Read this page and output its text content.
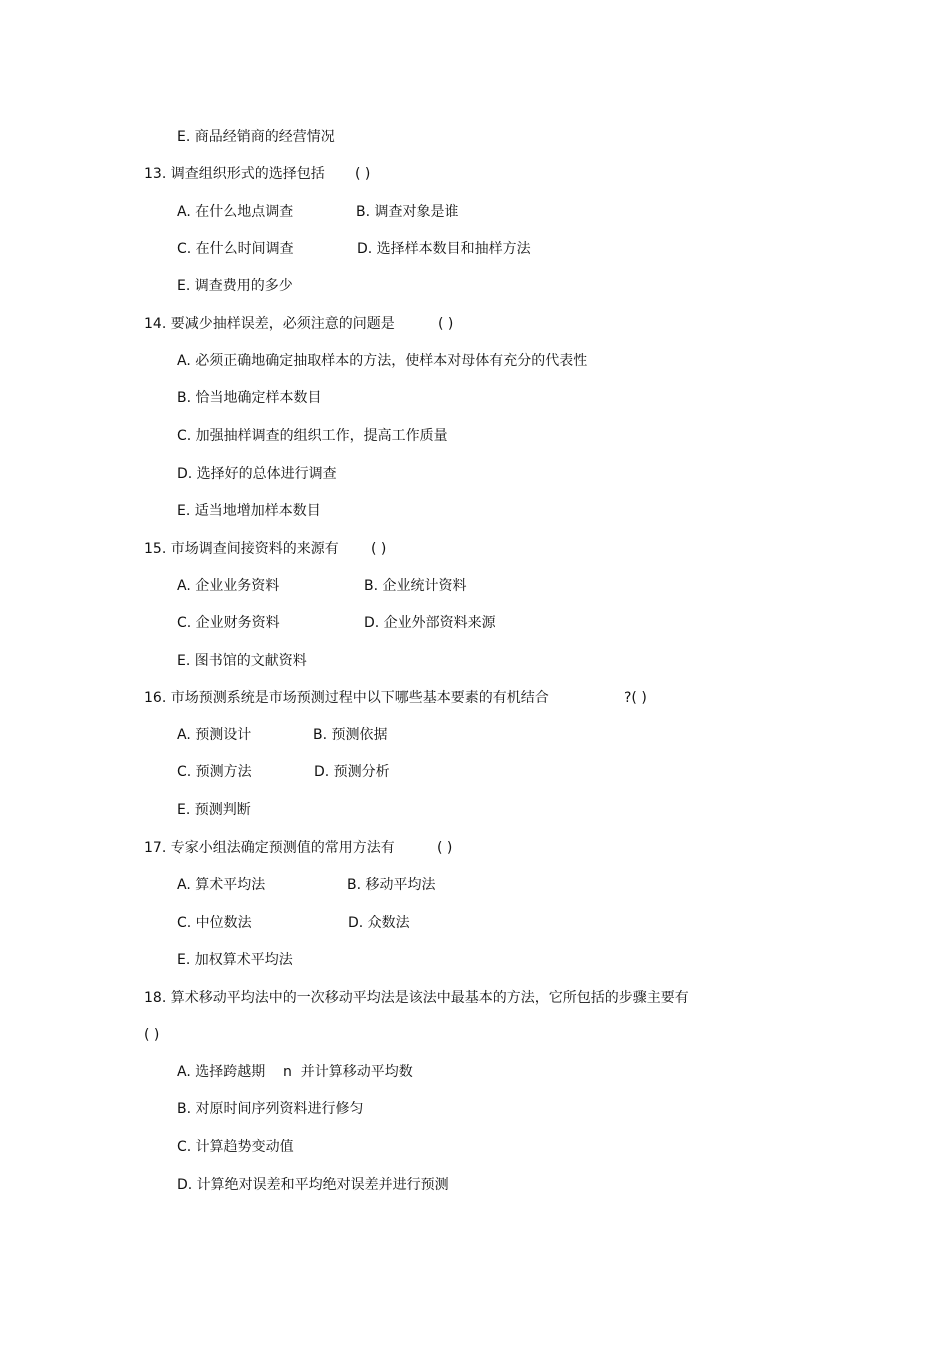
E. 商品经销商的经营情况
13. 调查组织形式的选择包括 ( )
A. 在什么地点调查	B. 调查对象是谁
C. 在什么时间调查	D. 选择样本数目和抽样方法
E. 调查费用的多少
14. 要减少抽样误差，必须注意的问题是	( )
A. 必须正确地确定抽取样本的方法，使样本对母体有充分的代表性
B. 恰当地确定样本数目
C. 加强抽样调查的组织工作，提高工作质量
D. 选择好的总体进行调查
E. 适当地增加样本数目
15. 市场调查间接资料的来源有 ( )
A. 企业业务资料	B. 企业统计资料
C. 企业财务资料	D. 企业外部资料来源
E. 图书馆的文献资料
16. 市场预测系统是市场预测过程中以下哪些基本要素的有机结合	?( )
A. 预测设计	B. 预测依据
C. 预测方法	D. 预测分析
E. 预测判断
17. 专家小组法确定预测值的常用方法有	( )
A. 算术平均法	B. 移动平均法
C. 中位数法	D. 众数法
E. 加权算术平均法
18. 算术移动平均法中的一次移动平均法是该法中最基本的方法，它所包括的步骤主要有
( )
A. 选择跨越期    n  并计算移动平均数
B. 对原时间序列资料进行修匀
C. 计算趋势变动值
D. 计算绝对误差和平均绝对误差并进行预测
